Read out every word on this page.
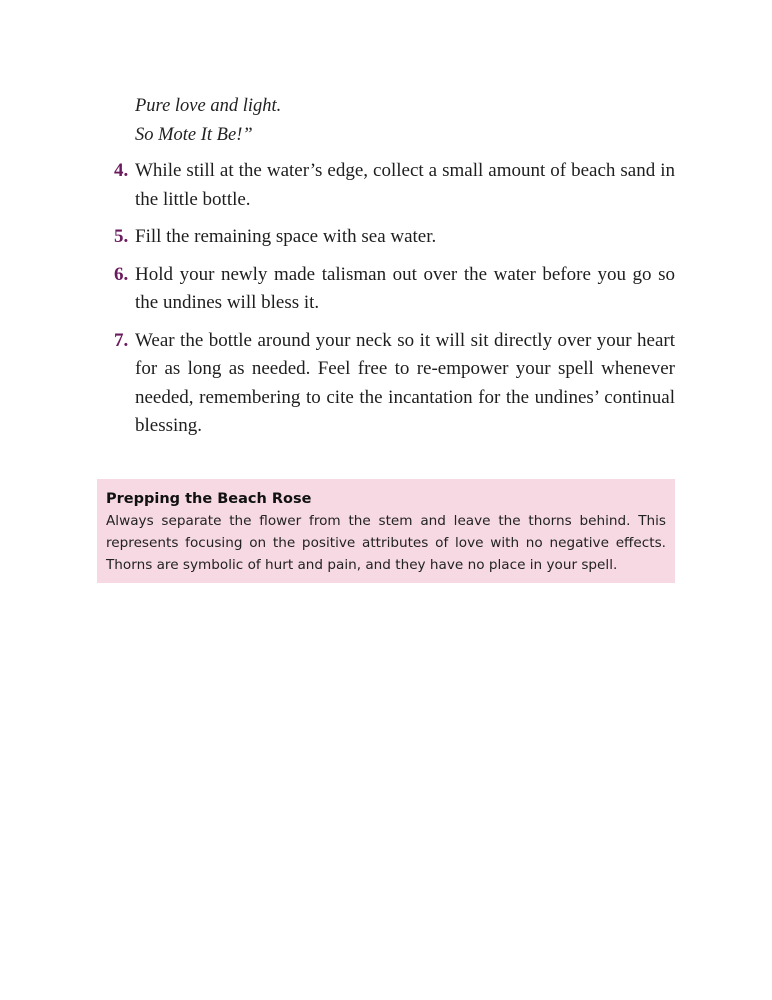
Pure love and light.
So Mote It Be!”
4. While still at the water’s edge, collect a small amount of beach sand in the little bottle.
5. Fill the remaining space with sea water.
6. Hold your newly made talisman out over the water before you go so the undines will bless it.
7. Wear the bottle around your neck so it will sit directly over your heart for as long as needed. Feel free to re-empower your spell whenever needed, remembering to cite the incantation for the undines’ continual blessing.

Prepping the Beach Rose

Always separate the flower from the stem and leave the thorns behind. This represents focusing on the positive attributes of love with no negative effects. Thorns are symbolic of hurt and pain, and they have no place in your spell.
